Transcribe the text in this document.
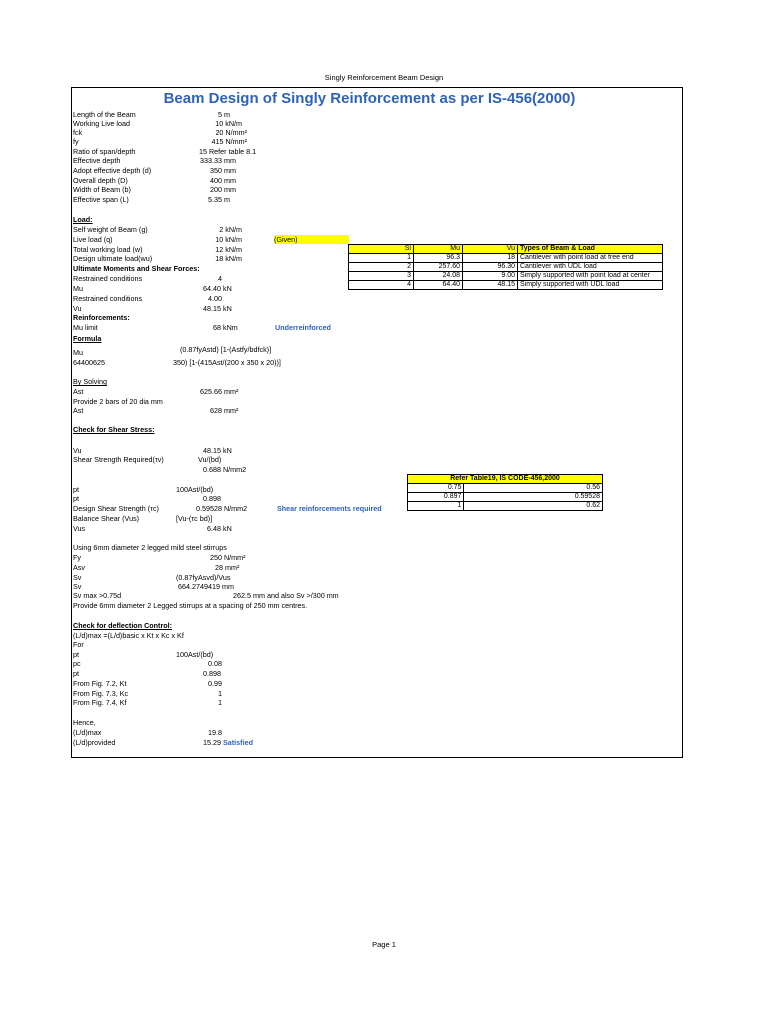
Singly Reinforcement Beam Design
Beam Design of Singly Reinforcement as per IS-456(2000)
Length of the Beam	5 m
Working Live load	10 kN/m
fck	20 N/mm²
fy	415 N/mm²
Ratio of span/depth	15 Refer table 8.1
Effective depth	333.33 mm
Adopt effective depth (d)	350 mm
Overall depth (D)	400 mm
Width of Beam (b)	200 mm
Effective span (L)	5.35 m
Load:
Self weight of Beam (g)	2 kN/m
Live load (q)	10 kN/m	(Given)
Total working load (w)	12 kN/m
Design ultimate load(wu)	18 kN/m
Ultimate Moments and Shear Forces:
Restrained conditions	4
Mu	64.40 kN
Restrained conditions	4.00
Vu	48.15 kN
Sl	Mu	Vu	Types of Beam & Load
1	96.3	18	Cantilever with point load at free end
2	257.60	96.30	Cantilever with UDL load
3	24.08	9.00	Simply supported with point load at center
4	64.40	48.15	Simply supported with UDL load
Reinforcements:
Mu limit	68 kNm	Underreinforced
Formula
Mu	(0.87fyAstd) [1-(Astfy/bdfck)]
64400625	350) [1-(415Ast/(200 x 350 x 20))]
By Solving
Ast	625.66 mm²
Provide 2 bars of 20 dia mm
Ast	628 mm²
Check for Shear Stress:
Vu	48.15 kN
Shear Strength Required(τv)	Vu/(bd)
0.688 N/mm2
pt	100Ast/(bd)
pt	0.898
Design Shear Strength (τc)	0.59528 N/mm2	Shear reinforcements required
Balance Shear (Vus)	[Vu-(τc bd)]
Vus	6.48 kN
Refer Table19, IS CODE-456,2000	
0.75	0.56
0.897	0.59528
1	0.62
Using 6mm diameter 2 legged mild steel stirrups
Fy	250 N/mm²
Asv	28 mm²
Sv	(0.87fyAsvd)/Vus
Sv	664.2749419 mm
Sv max >0.75d	262.5 mm and also Sv >/300 mm
Provide 6mm diameter 2 Legged stirrups at a spacing of 250 mm centres.
Check for deflection Control:
(L/d)max =(L/d)basic x Kt x Kc x Kf
For
pt	100Ast/(bd)
pc	0.08
pt	0.898
From Fig. 7.2, Kt	0.99
From Fig. 7.3, Kc	1
From Fig. 7.4, Kf	1
Hence,
(L/d)max	19.8
(L/d)provided	15.29 Satisfied
Page 1
